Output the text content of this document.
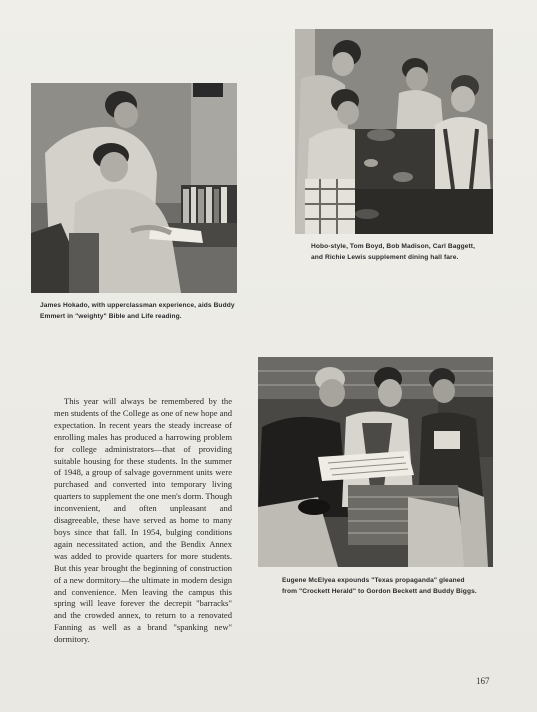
James Hokado, with upperclassman experience, aids Buddy Emmert in "weighty" Bible and Life reading.
Hobo-style, Tom Boyd, Bob Madison, Carl Baggett, and Richie Lewis supplement dining hall fare.
Eugene McElyea expounds "Texas propaganda" gleaned from "Crockett Herald" to Gordon Beckett and Buddy Biggs.
This year will always be remembered by the men students of the College as one of new hope and expectation. In recent years the steady increase of enrolling males has produced a harrowing problem for college administrators—that of providing suitable housing for these students. In the summer of 1948, a group of salvage government units were purchased and converted into temporary living quarters to supplement the one men's dorm. Though inconvenient, and often unpleasant and disagreeable, these have served as home to many boys since that fall. In 1954, bulging conditions again necessitated action, and the Bendix Annex was added to provide quarters for more students. But this year brought the beginning of construction of a new dormitory—the ultimate in modern design and convenience. Men leaving the campus this spring will leave forever the decrepit "barracks" and the crowded annex, to return to a renovated Fanning as well as a brand "spanking new" dormitory.
167
